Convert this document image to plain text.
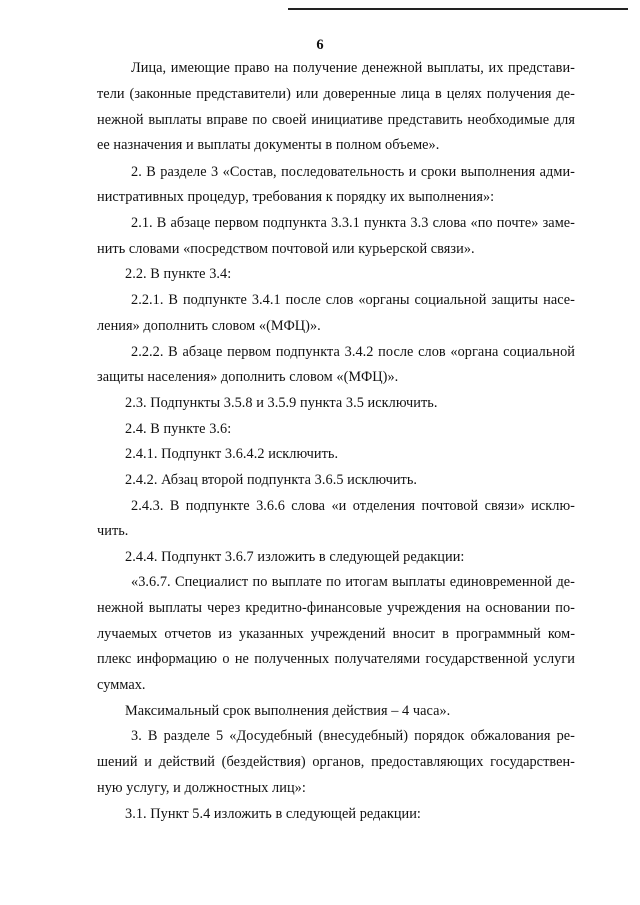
6
Лица, имеющие право на получение денежной выплаты, их представи-
тели (законные представители) или доверенные лица в целях получения де-
нежной выплаты вправе по своей инициативе представить необходимые для
ее назначения и выплаты документы в полном объеме».
2. В разделе 3 «Состав, последовательность и сроки выполнения адми-
нистративных процедур, требования к порядку их выполнения»:
2.1. В абзаце первом подпункта 3.3.1 пункта 3.3 слова «по почте» заме-
нить словами «посредством почтовой или курьерской связи».
2.2. В пункте 3.4:
2.2.1. В подпункте 3.4.1 после слов «органы социальной защиты насе-
ления» дополнить словом «(МФЦ)».
2.2.2. В абзаце первом подпункта 3.4.2 после слов «органа социальной
защиты населения» дополнить словом «(МФЦ)».
2.3. Подпункты 3.5.8 и 3.5.9 пункта 3.5 исключить.
2.4. В пункте 3.6:
2.4.1. Подпункт 3.6.4.2 исключить.
2.4.2. Абзац второй подпункта 3.6.5 исключить.
2.4.3. В подпункте 3.6.6 слова «и отделения почтовой связи» исклю-
чить.
2.4.4. Подпункт 3.6.7 изложить в следующей редакции:
«3.6.7. Специалист по выплате по итогам выплаты единовременной де-
нежной выплаты через кредитно-финансовые учреждения на основании по-
лучаемых отчетов из указанных учреждений вносит в программный ком-
плекс информацию о не полученных получателями государственной услуги
суммах.
Максимальный срок выполнения действия – 4 часа».
3. В разделе 5 «Досудебный (внесудебный) порядок обжалования ре-
шений и действий (бездействия) органов, предоставляющих государствен-
ную услугу, и должностных лиц»:
3.1. Пункт 5.4 изложить в следующей редакции:
